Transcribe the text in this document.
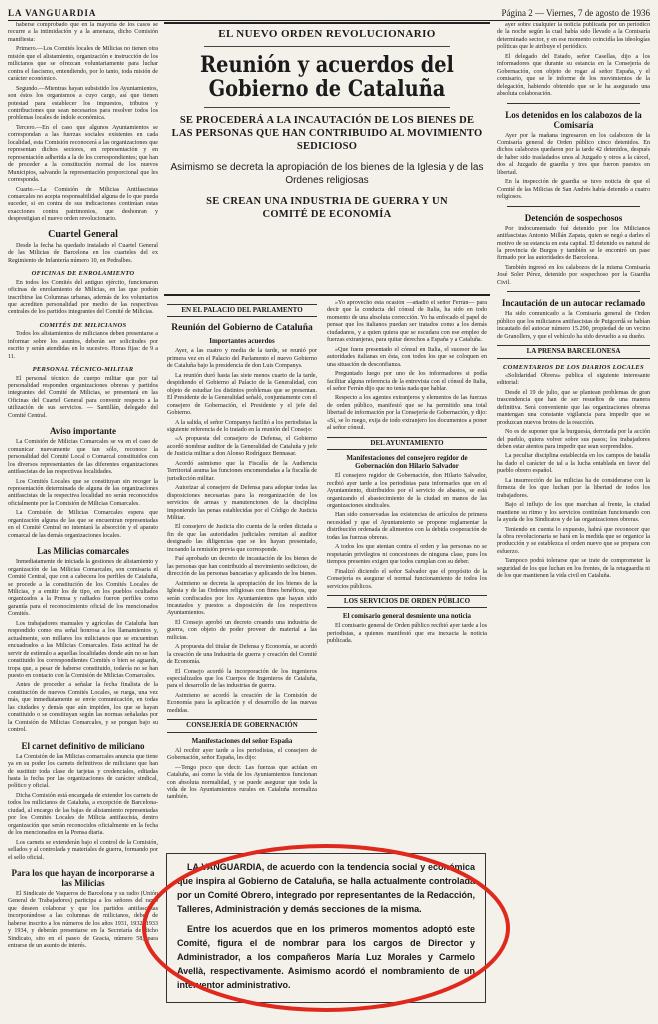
LA VANGUARDIA	Página 2 — Viernes, 7 de agosto de 1936

haberse comprobado que en la mayoría de los casos se recurre a la intimidación y a la amenaza, dicho Comisión manifiesta:

Primero.—Los Comités locales de Milicias no tienen otra misión que el alistamiento, organización e instrucción de los milicianos que se ofrezcan voluntariamente para luchar contra el fascismo, entendiendo, por lo tanto, toda misión de carácter económico.

Segundo.—Mientras hayan subsistido los Ayuntamientos, son éstos los organismos a cuyo cargo, así que tienen potestad para establecer los impuestos, tributos y contribuciones que sean necesarios para resolver todos los problemas locales de índole económica.

Tercero.—En el caso que algunos Ayuntamientos se correspondan a las fuerzas sociales existentes en cada localidad, esta Comisión reconocerá a las organizaciones que representan dichos sectores, en representación y en representación adherida a la de los correspondientes; que han de proceder a la constitución normal de los nuevos Municipios, salvando la representación proporcional que les corresponda.

Cuarto.—La Comisión de Milicias Antifascistas comarcales no acepta responsabilidad alguna de lo que pueda suceder, si en contra de sus indicaciones continúan estas exacciones contra patrimonios, que deshonran y desprestigian el nuevo orden revolucionario.

Cuartel General

Desde la fecha ha quedado instalado el Cuartel General de las Milicias de Barcelona en los cuarteles del ex Regimiento de Infantería número 10, en Pedralbes.

OFICINAS DE ENROLAMIENTO

En todos los Comités del antiguo ejército, funcionaron oficinas de enrolamiento de Milicias, en las que podrán inscribirse las Columnas urbanas, además de los voluntarios que acrediten personalidad por medio de las respectivas centrales de los partidos integrantes del Comité de Milicias.

COMITÉS DE MILICIANOS

Todos los alistamientos de milicianos deben presentarse a informar sobre los asuntos, deberán ser solicitudes por escrito y serán atendidas en lo sucesivo. Horas fijas: de 9 a 11.

PERSONAL TÉCNICO-MILITAR

El personal técnico de cuerpo militar que por tal personalidad responden organizaciones obreras y partidos integrantes del Comité de Milicias, se presentará en las Oficinas del Cuartel General para convenir respecto a la utilización de sus servicios. — Santillán, delegado del Comité Central.

Aviso importante

La Comisión de Milicias Comarcales se va en el caso de comunicar nuevamente que tan sólo, reconoce la personalidad del Comité Local o Comarcal constituidos con los diversos representantes de las diferentes organizaciones antifascistas de las respectivas localidades.

Los Comités Locales que se constituyan sin recoger la representación determinada de alguna de las organizaciones antifascistas de la respectiva localidad no serán reconocidos oficialmente por la Comisión de Milicias Comarcales.

La Comisión de Milicias Comarcales espera que organización alguna de las que se encuentran representadas en el Comité Central no intentará la absorción y el aparato comarcal de las demás organizaciones locales.

Las Milicias comarcales

Inmediatamente de iniciada la gestiones de alistamiento y organización de las Milicias Comarcales, son comisaria el Comité Central, que con a cabecera los perfiles de Cataluña, se procede a la constitución de los Comités Locales de Milicias, y a emitir los de tipo, en los pueblos ocultados organizados a la Prensa y radiados fueron perfiles como garantía para el reconocimiento oficial de los mencionados Comités.

Los trabajadores manuales y agrícolas de Cataluña han respondido como era señal honrosa a los llamamientos y, actualmente, son millares los milicianos que se encuentran encuadrados a las Milicias Comarcales. Esta actitud ha de servir de estímulo a aquellas localidades donde aún no se han constituido los correspondientes Comités o bien se aguarda, tropa que, a pesar de haberse constituido, todavía no se han puesto en contacto con la Comisión de Milicias Comarcales.

Antes de proceder a señalar la fecha finalista de la constitución de nuevos Comités Locales, se ruega, una vez más, que inmediatamente se envíe comunicación, en todas las ciudades y demás que aún impiden, los que se hayan constituido o se constituyan según las normas señaladas por la Comisión de Milicias Comarcales, y se pongan bajo su control.

El carnet definitivo de miliciano

La Comisión de las Milicias comarcales anuncia que tiene ya en su poder los carnets definitivos de miliciano que han de sustituir toda clase de tarjetas y credenciales, editadas hasta la fecha por las organizaciones de carácter sindical, político y oficial.

Dicha Comisión está encargada de extender los carnets de todos los milicianos de Cataluña, a excepción de Barcelona-ciudad, al encargo de las bajas de alistamiento representadas por los Comités Locales de Milicia antifascista, dentro organización que serán reconocidos oficialmente en la fecha de los mencionados en la Prensa diaria.

Los carnets se extenderán bajo el control de la Comisión, sellados y al controlada y materiales de guerra, formando por el sello oficial.

Para los que hayan de incorporarse a las Milicias

El Sindicato de Vaqueros de Barcelona y su radio (Unión General de Trabajadores) participa a los señores del ramo que deseen colaborar y que los partidos antifascistas incorporándose a las columnas de milicianos, deben de haberse inscrito a los números de los años 1931, 1932, 1933 y 1934, y deberán presentarse en la Secretaría de dicho Sindicato, sito en el paseo de Gracia, número 58, para entrarse de un asunto de interés.

EL NUEVO ORDEN REVOLUCIONARIO
Reunión y acuerdos del Gobierno de Cataluña
SE PROCEDERÁ A LA INCAUTACIÓN DE LOS BIENES DE LAS PERSONAS QUE HAN CONTRIBUIDO AL MOVIMIENTO SEDICIOSO
Asimismo se decreta la apropiación de los bienes de la Iglesia y de las Ordenes religiosas
SE CREAN UNA INDUSTRIA DE GUERRA Y UN COMITÉ DE ECONOMÍA
EN EL PALACIO DEL PARLAMENTO
Reunión del Gobierno de Cataluña
Importantes acuerdos

Ayer, a las cuatro y media de la tarde, se reunió por primera vez en el Palacio del Parlamento el nuevo Gobierno de Cataluña bajo la presidencia de don Luis Companys.

La reunión duró hasta las siete menos cuarto de la tarde, despidiendo el Gobierno al Palacio de la Generalidad, con objeto de estudiar los distintos problemas que se presentan. El Presidente de la Generalidad señaló, conjuntamente con el consejero de Gobernación, el Presidente y el jefe del Gobierno.

A la salida, el señor Companys facilitó a los periodistas la siguiente referencia de lo tratado en la reunión del Consejo:

«A propuesta del consejero de Defensa, el Gobierno acordó nombrar auditor de la Generalidad de Cataluña y jefe de Justicia militar a don Alonso Rodríguez Bennasar.

Acordó asimismo que la Fiscalía de la Audiencia Territorial asuma las funciones encomendadas a la fiscalía de jurisdicción militar.

Autorizar al consejero de Defensa para adoptar todas las disposiciones necesarias para la reorganización de los servicios de armas y manutenciones de la disciplina imponiendo las penas establecidas por el Código de Justicia Militar.

El consejero de Justicia dio cuenta de la orden dictada a fin de que las autoridades judiciales remitan al auditor designado las diligencias que se les hayan presentado, incoando la remisión previa que corresponde.

Fué aprobado un decreto de incautación de los bienes de las personas que han contribuido al movimiento sedicioso, de dirección de las personas bancarias y aplicando de los bienes.

Asimismo se decreta la apropiación de los bienes de la Iglesia y de las Ordenes religiosas con fines benéficos, que serán confiscados por los Ayuntamientos que hayan sido incautados y puestos a disposición de los respectivos Ayuntamientos.

El Consejo aprobó un decreto creando una industria de guerra, con objeto de poder proveer de material a las milicias.

A propuesta del titular de Defensa y Economía, se acordó la creación de una Industria de guerra y creación del Comité de Economía.

El Consejo acordó la incorporación de los ingenieros especializados que los Cuerpos de Ingenieros de Cataluña, para el desarrollo de las industrias de guerra.

Asimismo se acordó la creación de la Comisión de Economía para la aplicación y el desarrollo de las nuevas medidas.

CONSEJERÍA DE GOBERNACIÓN
Manifestaciones del señor España

Al recibir ayer tarde a los periodistas, el consejero de Gobernación, señor España, les dijo:

—Tengo poco que decir. Las fuerzas que actúan en Cataluña, así como la vida de los Ayuntamientos funcionan con absoluta normalidad, y se puede asegurar que toda la vida de los Ayuntamientos rurales en Cataluña normaliza también.

»Yo aprovecho esta ocasión —añadió el señor Ferrán— para decir que la conducta del cónsul de Italia, ha sido en todo momento de una absoluta corrección. Yo ha enfocado el papel de pensar que los italianos puedan ser tratados como a los demás ciudadanos, y a quien quiera que se escudara con ese empleo de fuerzas extranjeras, para quitar derechos a España y a Cataluña.

»Que fuera presentado el cónsul en Italia, el sucesor de las autoridades italianas en ésta, con todos los que se coloquen en una situación de desconfianza.

Preguntado luego por uno de los informadores si podía facilitar alguna referencia de la entrevista con el cónsul de Italia, el señor Ferrán dijo que no tenía nada que hablar.

Respecto a los agentes extranjeros y elementos de las fuerzas de orden público, manifestó que se ha permitido una total libertad de información por la Consejería de Gobernación, y dijo: «Sí, se lo ruego, exija de todo extranjero los documentos a poner al señor cónsul.

DEL AYUNTAMIENTO
Manifestaciones del consejero regidor de Gobernación don Hilario Salvador

El consejero regidor de Gobernación, don Hilario Salvador, recibió ayer tarde a los periodistas para informarles que en el Ayuntamiento, distribuidos por el servicio de abastos, se está organizando el abastecimiento de la ciudad en manos de las organizaciones sindicales.

Han sido conservadas las existencias de artículos de primera necesidad y que el Ayuntamiento se propone reglamentar la distribución ordenada de alimentos con la debida cooperación de todas las fuerzas obreras.

A todos los que atentan contra el orden y las personas no se respetarán privilegios ni concesiones de ninguna clase, pues los tiempos presentes exigen que todos cumplan con su deber.

Finalizó diciendo el señor Salvador que el propósito de la Consejería es asegurar el normal funcionamiento de todos los servicios públicos.

LOS SERVICIOS DE ORDEN PÚBLICO
El comisario general desmiente una noticia

El comisario general de Orden público recibió ayer tarde a los periodistas, a quienes manifestó que era inexacta la noticia publicada.

ayer sobre cualquier la noticia publicada por un periódico de la noche según la cual había sido llevado a la Comisaría determinado sector, y en ese momento coincidía las ideologías políticas que le atribuye el periódico.

El delegado del Estado, señor Casellas, dijo a los informadores que durante su estancia en la Consejería de Gobernación, con objeto de rogar al señor España, y el comisario, que se le informe de los movimientos de la delegación, habiendo obtenido que se le ha asegurado una absoluta colaboración.

Los detenidos en los calabozos de la Comisaría

Ayer por la mañana ingresaron en los calabozos de la Comisaría general de Orden público cinco detenidos. En dichos calabozos quedaron por la tarde 42 detenidos, después de haber sido trasladados unos al Juzgado y otros a la cárcel, dos al Juzgado de guardia y tres que fueron puestos en libertad.

En la inspección de guardia se tuvo noticia de que el Comité de las Milicias de San Andrés había detenido a cuatro religiosos.

Detención de sospechosos

Por indocumentado fué detenido por los Milicianos antifascistas Antonio Millán Zapata, quien se negó a darles el motivo de su estancia en esta capital. El detenido es natural de la provincia de Burgos y también se le encontró un pase firmado por las autoridades de Barcelona.

También ingresó en los calabozos de la misma Comisaría José Soler Pérez, detenido por sospechoso por la Guardia Civil.

Incautación de un autocar reclamado

Ha sido comunicado a la Comisaría general de Orden público que los milicianos antifascistas de Puigcerdá se habían incautado del autocar número 15.290, propiedad de un vecino de Granollers, y que el vehículo ha sido devuelto a su dueño.

LA PRENSA BARCELONESA
COMENTARIOS DE LOS DIARIOS LOCALES

«Solidaridad Obrera» publica el siguiente interesante editorial:

Desde el 19 de julio, que se plantean problemas de gran trascendencia que han de ser resueltos de una manera definitiva. Será conveniente que las organizaciones obreras mantengan una constante vigilancia para impedir que se produzcan nuevos brotes de la reacción.

No es de suponer que la burguesía, derrotada por la acción del pueblo, quiera volver sobre sus pasos; los trabajadores deben estar atentos para impedir que sean sorprendidos.

La peculiar disciplina establecida en los campos de batalla ha dado el carácter de tal a la lucha entablada en favor del pueblo obrero español.

La insurrección de las milicias ha de considerarse con la firmeza de los que luchan por la libertad de todos los trabajadores.

Bajo el influjo de los que marchan al frente, la ciudad mantiene su ritmo y los servicios continúan funcionando con la ayuda de los Sindicatos y de las organizaciones obreras.

Teniendo en cuenta lo expuesto, habrá que reconocer que la obra revolucionaria se hará en la medida que se organice la producción y se establezca el orden nuevo que se prepara con esfuerzo.

Tampoco podrá tolerarse que se trate de comprometer la seguridad de los que luchan en los frentes, de la retaguardia ni de los que mantienen la vida civil en Cataluña.

LA VANGUARDIA, de acuerdo con la tendencia social y económica que inspira al Gobierno de Cataluña, se halla actualmente controlada por un Comité Obrero, integrado por representantes de la Redacción, Talleres, Administración y demás secciones de la misma.

Entre los acuerdos que en los primeros momentos adoptó este Comité, figura el de nombrar para los cargos de Director y Administrador, a los compañeros María Luz Morales y Carmelo Avellà, respectivamente. Asimismo acordó el nombramiento de un interventor administrativo.
